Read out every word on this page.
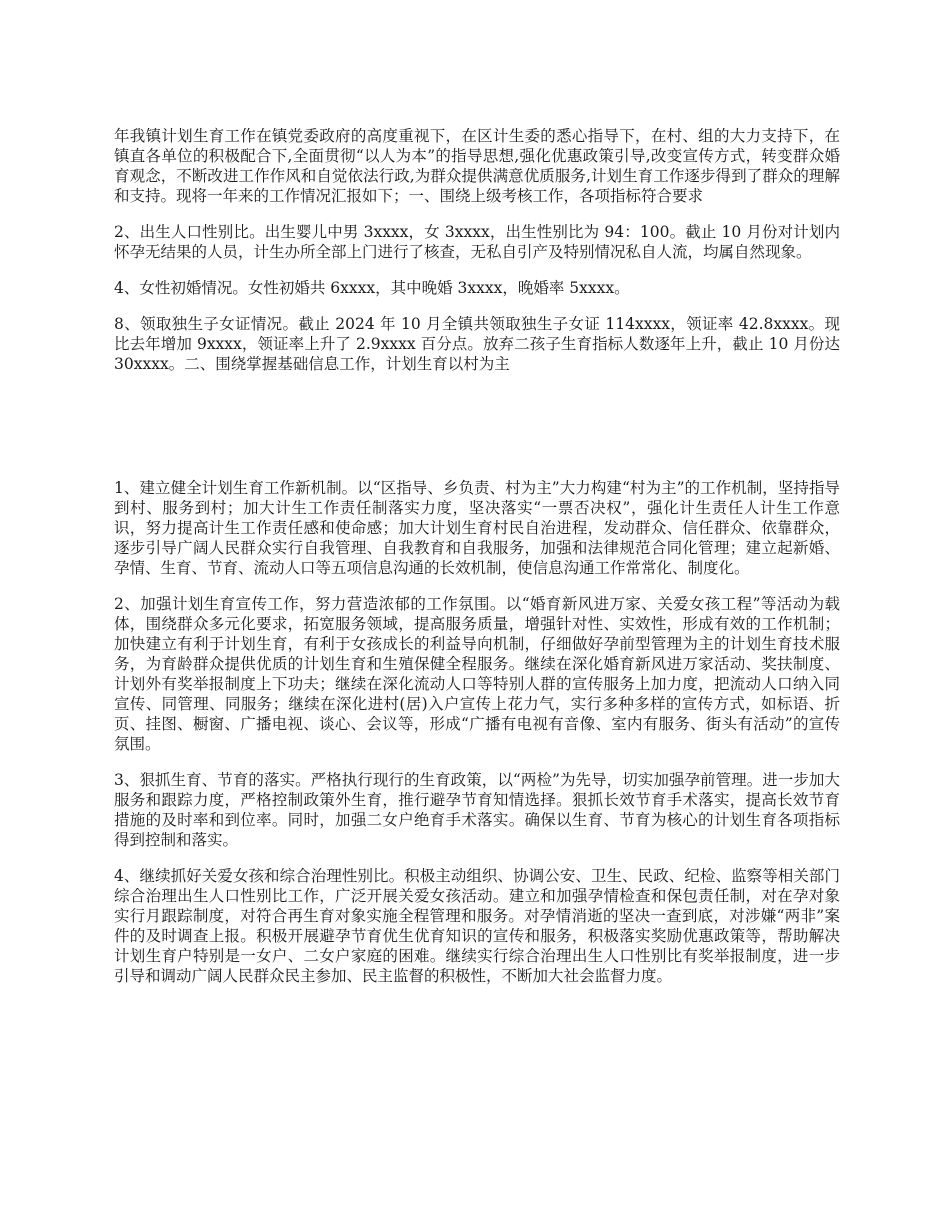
年我镇计划生育工作在镇党委政府的高度重视下，在区计生委的悉心指导下，在村、组的大力支持下，在镇直各单位的积极配合下,全面贯彻“以人为本”的指导思想,强化优惠政策引导,改变宣传方式，转变群众婚育观念，不断改进工作作风和自觉依法行政,为群众提供满意优质服务,计划生育工作逐步得到了群众的理解和支持。现将一年来的工作情况汇报如下；一、围绕上级考核工作，各项指标符合要求

2、出生人口性别比。出生婴儿中男 3xxxx，女 3xxxx，出生性别比为 94：100。截止 10 月份对计划内怀孕无结果的人员，计生办所全部上门进行了核查，无私自引产及特别情况私自人流，均属自然现象。

4、女性初婚情况。女性初婚共 6xxxx，其中晚婚 3xxxx，晚婚率 5xxxx。

8、领取独生子女证情况。截止 2024 年 10 月全镇共领取独生子女证 114xxxx，领证率 42.8xxxx。现比去年增加 9xxxx，领证率上升了 2.9xxxx 百分点。放弃二孩子生育指标人数逐年上升，截止 10 月份达 30xxxx。二、围绕掌握基础信息工作，计划生育以村为主

1、建立健全计划生育工作新机制。以“区指导、乡负责、村为主”大力构建“村为主”的工作机制，坚持指导到村、服务到村；加大计生工作责任制落实力度，坚决落实“一票否决权”，强化计生责任人计生工作意识，努力提高计生工作责任感和使命感；加大计划生育村民自治进程，发动群众、信任群众、依靠群众，逐步引导广阔人民群众实行自我管理、自我教育和自我服务，加强和法律规范合同化管理；建立起新婚、孕情、生育、节育、流动人口等五项信息沟通的长效机制，使信息沟通工作常常化、制度化。

2、加强计划生育宣传工作，努力营造浓郁的工作氛围。以“婚育新风进万家、关爱女孩工程”等活动为载体，围绕群众多元化要求，拓宽服务领域，提高服务质量，增强针对性、实效性，形成有效的工作机制；加快建立有利于计划生育，有利于女孩成长的利益导向机制，仔细做好孕前型管理为主的计划生育技术服务，为育龄群众提供优质的计划生育和生殖保健全程服务。继续在深化婚育新风进万家活动、奖扶制度、计划外有奖举报制度上下功夫；继续在深化流动人口等特别人群的宣传服务上加力度，把流动人口纳入同宣传、同管理、同服务；继续在深化进村(居)入户宣传上花力气，实行多种多样的宣传方式，如标语、折页、挂图、橱窗、广播电视、谈心、会议等，形成“广播有电视有音像、室内有服务、街头有活动”的宣传氛围。

3、狠抓生育、节育的落实。严格执行现行的生育政策，以“两检”为先导，切实加强孕前管理。进一步加大服务和跟踪力度，严格控制政策外生育，推行避孕节育知情选择。狠抓长效节育手术落实，提高长效节育措施的及时率和到位率。同时，加强二女户绝育手术落实。确保以生育、节育为核心的计划生育各项指标得到控制和落实。

4、继续抓好关爱女孩和综合治理性别比。积极主动组织、协调公安、卫生、民政、纪检、监察等相关部门综合治理出生人口性别比工作，广泛开展关爱女孩活动。建立和加强孕情检查和保包责任制，对在孕对象实行月跟踪制度，对符合再生育对象实施全程管理和服务。对孕情消逝的坚决一查到底，对涉嫌“两非”案件的及时调查上报。积极开展避孕节育优生优育知识的宣传和服务，积极落实奖励优惠政策等，帮助解决计划生育户特别是一女户、二女户家庭的困难。继续实行综合治理出生人口性别比有奖举报制度，进一步引导和调动广阔人民群众民主参加、民主监督的积极性，不断加大社会监督力度。
